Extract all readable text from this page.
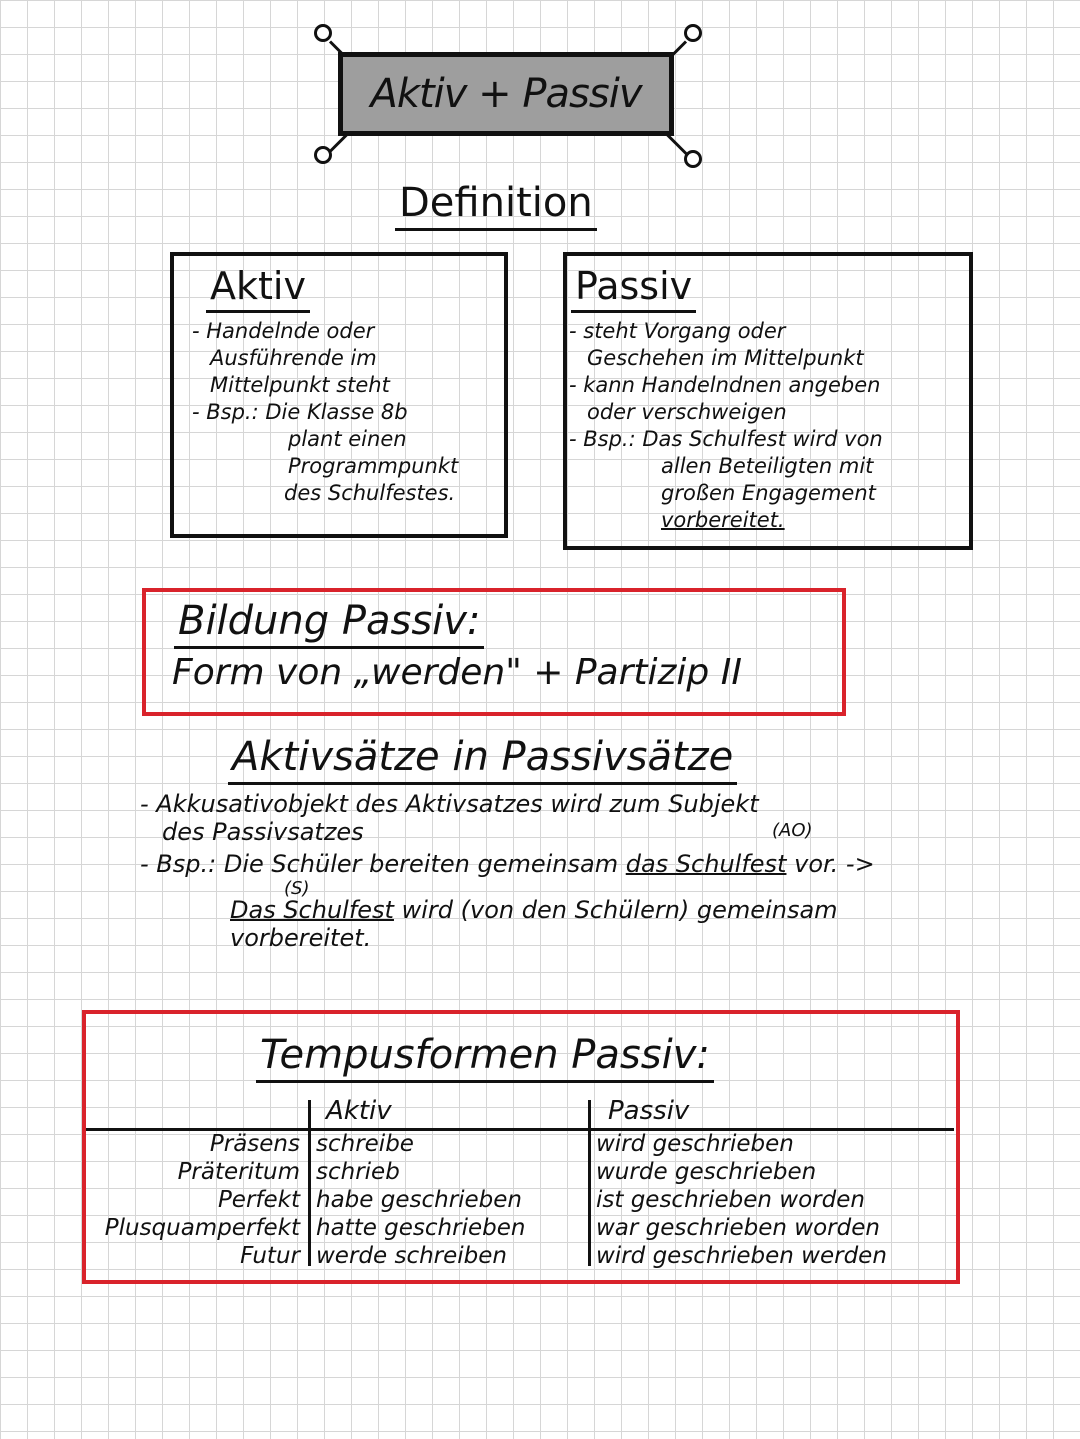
Aktiv + Passiv
Definition
Aktiv
- Handelnde oder
Ausführende im
Mittelpunkt steht
- Bsp.: Die Klasse 8b
plant einen
Programmpunkt
des Schulfestes.
Passiv
- steht Vorgang oder
Geschehen im Mittelpunkt
- kann Handelndnen angeben
oder verschweigen
- Bsp.: Das Schulfest wird von
allen Beteiligten mit
großen Engagement
vorbereitet.
Bildung Passiv:
Form von „werden" + Partizip II
Aktivsätze in Passivsätze
- Akkusativobjekt des Aktivsatzes wird zum Subjekt
des Passivsatzes
- Bsp.: Die Schüler bereiten gemeinsam das Schulfest vor. ->
Das Schulfest wird (von den Schülern) gemeinsam
vorbereitet.
(AO)
(S)
Tempusformen Passiv:
Aktiv	Passiv
Präsens
Präteritum
Perfekt
Plusquamperfekt
Futur
schreibe
schrieb
habe geschrieben
hatte geschrieben
werde schreiben
wird geschrieben
wurde geschrieben
ist geschrieben worden
war geschrieben worden
wird geschrieben werden
